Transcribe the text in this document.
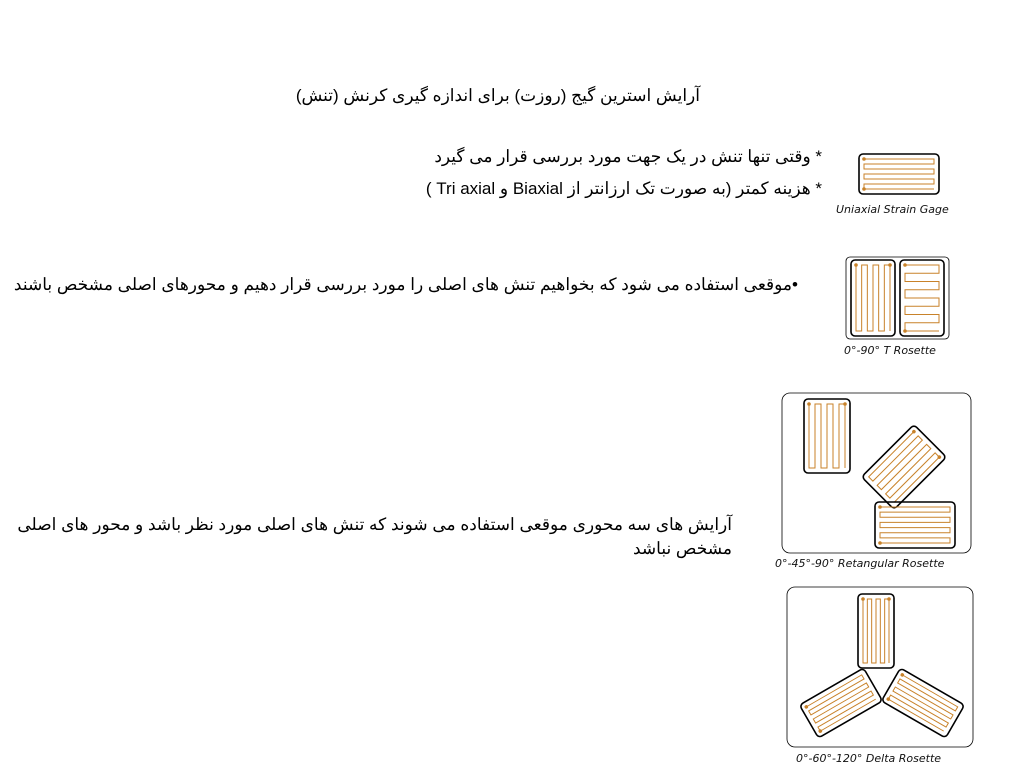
آرایش استرین گیج (روزت) برای اندازه گیری کرنش (تنش)
* وقتی تنها تنش در یک جهت مورد بررسی قرار می گیرد
* هزینه کمتر (به صورت تک ارزانتر از Biaxial و Tri axial )
•موقعی استفاده می شود که بخواهیم تنش های اصلی را مورد بررسی قرار دهیم و محورهای اصلی مشخص باشند
آرایش های سه محوری موقعی استفاده می شوند که تنش های اصلی مورد نظر باشد و محور های اصلی مشخص نباشد
Uniaxial Strain Gage
0°-90° T Rosette
0°-45°-90° Retangular Rosette
0°-60°-120° Delta Rosette
